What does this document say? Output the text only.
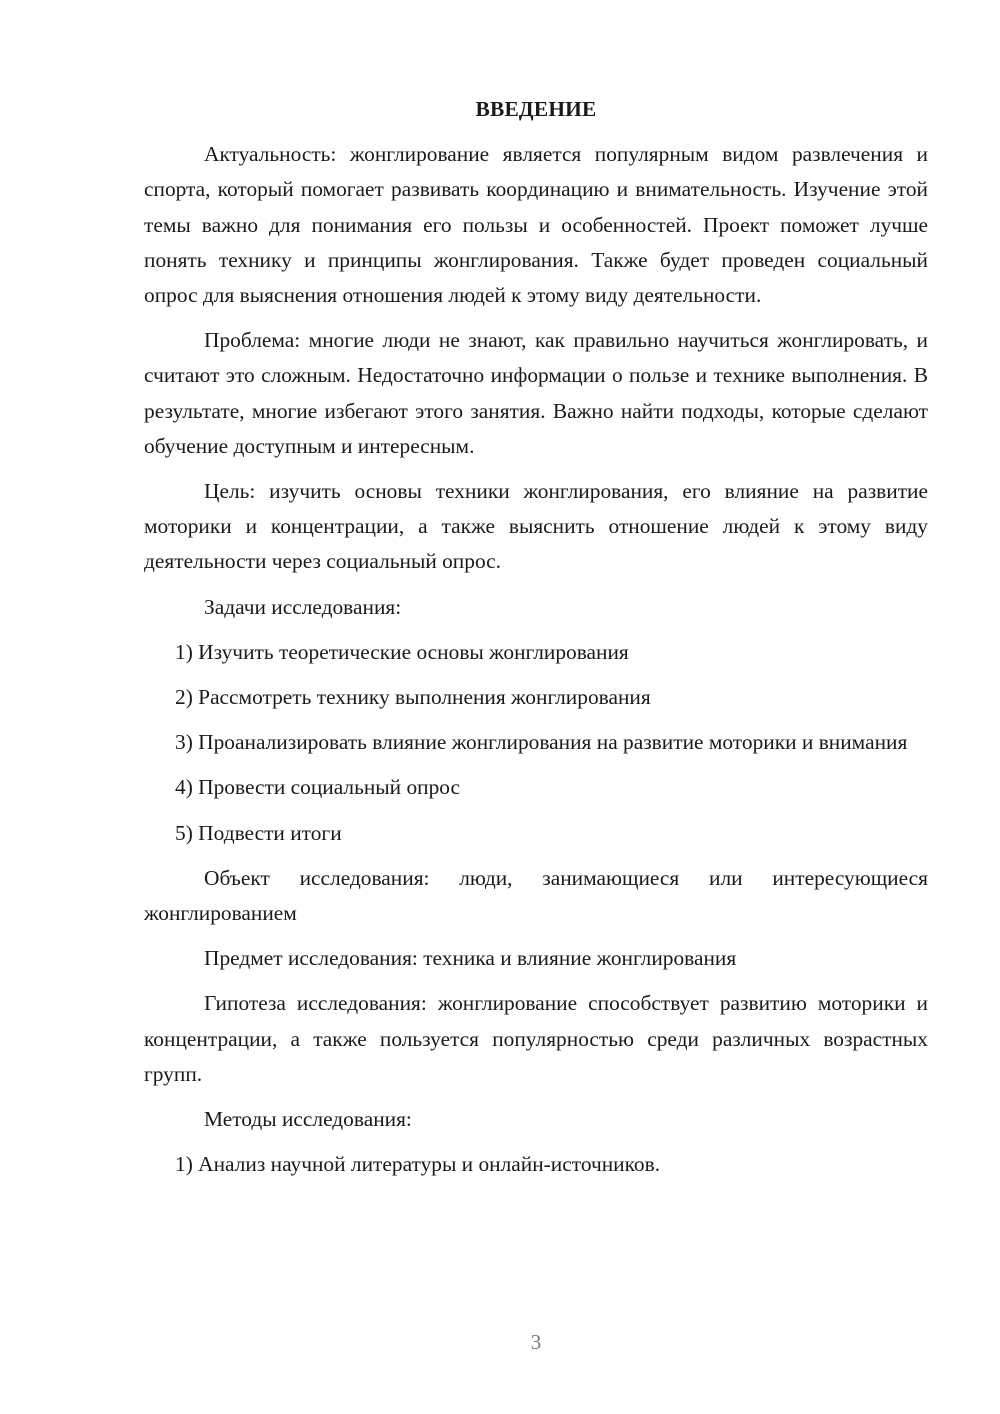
ВВЕДЕНИЕ

Актуальность: жонглирование является популярным видом развлечения и спорта, который помогает развивать координацию и внимательность. Изучение этой темы важно для понимания его пользы и особенностей. Проект поможет лучше понять технику и принципы жонглирования. Также будет проведен социальный опрос для выяснения отношения людей к этому виду деятельности.

Проблема: многие люди не знают, как правильно научиться жонглировать, и считают это сложным. Недостаточно информации о пользе и технике выполнения. В результате, многие избегают этого занятия. Важно найти подходы, которые сделают обучение доступным и интересным.

Цель: изучить основы техники жонглирования, его влияние на развитие моторики и концентрации, а также выяснить отношение людей к этому виду деятельности через социальный опрос.

Задачи исследования:

1) Изучить теоретические основы жонглирования

2) Рассмотреть технику выполнения жонглирования

3) Проанализировать влияние жонглирования на развитие моторики и внимания

4) Провести социальный опрос

5) Подвести итоги

Объект исследования: люди, занимающиеся или интересующиеся жонглированием

Предмет исследования: техника и влияние жонглирования

Гипотеза исследования: жонглирование способствует развитию моторики и концентрации, а также пользуется популярностью среди различных возрастных групп.

Методы исследования:

1) Анализ научной литературы и онлайн-источников.

3
